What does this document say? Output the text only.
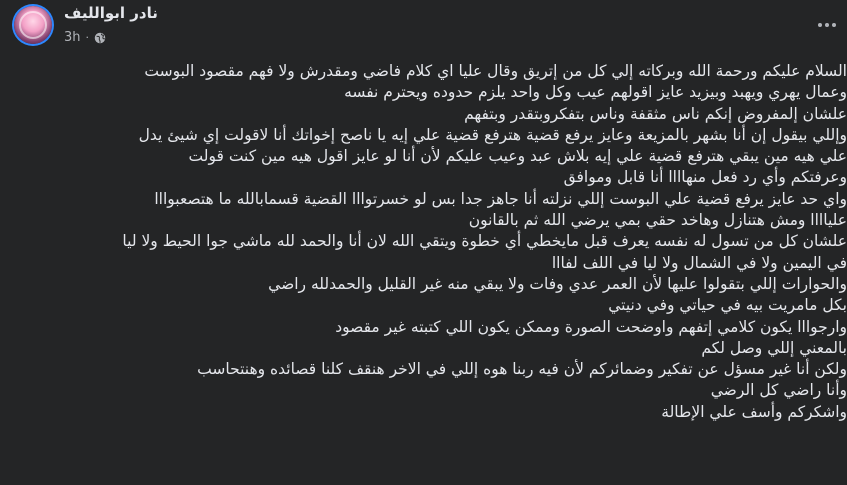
نادر ابوالليف
3h ·
السلام عليكم ورحمة الله وبركاته إلي كل من إتريق وقال عليا اي كلام فاضي ومقدرش ولا فهم مقصود البوست
وعمال يهري ويهبد وبيزيد عايز اقولهم عيب وكل واحد يلزم حدوده ويحترم نفسه
علشان إلمفروض إنكم ناس مثقفة وناس بتفكروبتقدر وبتفهم
وإللي بيقول إن أنا بشهر بالمزيعة وعايز يرفع قضية هترفع قضية علي إيه يا ناصح إخواتك أنا لاقولت إي شيئ يدل
علي هيه مين يبقي هترفع قضية علي إيه بلاش عبد وعيب عليكم لأن أنا لو عايز اقول هيه مين كنت قولت
وعرفتكم وأي رد فعل منهاااا أنا قابل وموافق
واي حد عايز يرفع قضية علي البوست إللي نزلته أنا جاهز جدا بس لو خسرتوااا القضية قسمابالله ما هتصعبوااا
علياااا ومش هتنازل وهاخد حقي بمي يرضي الله ثم بالقانون
علشان كل من تسول له نفسه يعرف قبل مايخطي أي خطوة ويتقي الله لان أنا والحمد لله ماشي جوا الحيط ولا ليا
في اليمين ولا في الشمال ولا ليا في اللف لفااا
والحوارات إللي بتقولوا عليها لأن العمر عدي وفات ولا يبقي منه غير القليل والحمدلله راضي
بكل مامريت بيه في حياتي وفي دنيتي
وارجوااا يكون كلامي إتفهم واوضحت الصورة وممكن يكون اللي كتبته غير مقصود
بالمعني إللي وصل لكم
ولكن أنا غير مسؤل عن تفكير وضمائركم لأن فيه ربنا هوه إللي في الاخر هنقف كلنا قصائده وهنتحاسب
وأنا راضي كل الرضي
واشكركم وأسف علي الإطالة
